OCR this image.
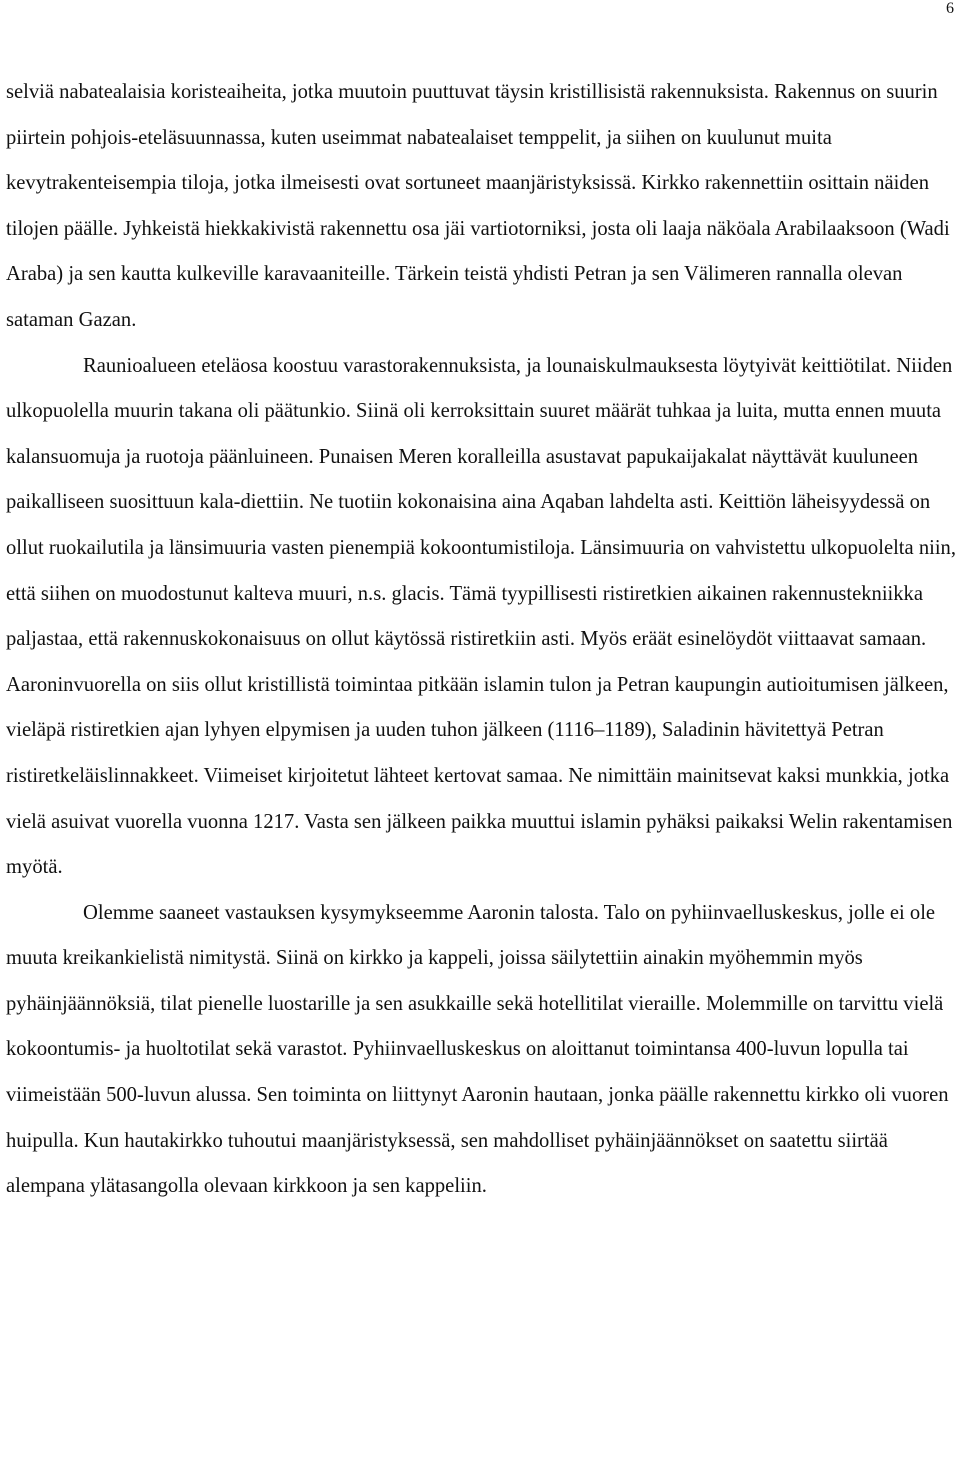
6

selviä nabatealaisia koristeaiheita, jotka muutoin puuttuvat täysin kristillisistä rakennuksista. Rakennus on suurin piirtein pohjois-eteläsuunnassa, kuten useimmat nabatealaiset temppelit, ja siihen on kuulunut muita kevytrakenteisempia tiloja, jotka ilmeisesti ovat sortuneet maanjäristyksissä. Kirkko rakennettiin osittain näiden tilojen päälle. Jyhkeistä hiekkakivistä rakennettu osa jäi vartiotorniksi, josta oli laaja näköala Arabilaaksoon (Wadi Araba) ja sen kautta kulkeville karavaaniteille. Tärkein teistä yhdisti Petran ja sen Välimeren rannalla olevan sataman Gazan.

Raunioalueen eteläosa koostuu varastorakennuksista, ja lounaiskulmauksesta löytyivät keittiötilat. Niiden ulkopuolella muurin takana oli päätunkio. Siinä oli kerroksittain suuret määrät tuhkaa ja luita, mutta ennen muuta kalansuomuja ja ruotoja päänluineen. Punaisen Meren koralleilla asustavat papukaijakalat näyttävät kuuluneen paikalliseen suosittuun kala-diettiin. Ne tuotiin kokonaisina aina Aqaban lahdelta asti. Keittiön läheisyydessä on ollut ruokailutila ja länsimuuria vasten pienempiä kokoontumistiloja. Länsimuuria on vahvistettu ulkopuolelta niin, että siihen on muodostunut kalteva muuri, n.s. glacis. Tämä tyypillisesti ristiretkien aikainen rakennustekniikka paljastaa, että rakennuskokonaisuus on ollut käytössä ristiretkiin asti. Myös eräät esinelöydöt viittaavat samaan. Aaroninvuorella on siis ollut kristillistä toimintaa pitkään islamin tulon ja Petran kaupungin autioitumisen jälkeen, vieläpä ristiretkien ajan lyhyen elpymisen ja uuden tuhon jälkeen (1116–1189), Saladinin hävitettyä Petran ristiretkeläislinnakkeet. Viimeiset kirjoitetut lähteet kertovat samaa. Ne nimittäin mainitsevat kaksi munkkia, jotka vielä asuivat vuorella vuonna 1217. Vasta sen jälkeen paikka muuttui islamin pyhäksi paikaksi Welin rakentamisen myötä.

Olemme saaneet vastauksen kysymykseemme Aaronin talosta. Talo on pyhiinvaelluskeskus, jolle ei ole muuta kreikankielistä nimitystä. Siinä on kirkko ja kappeli, joissa säilytettiin ainakin myöhemmin myös pyhäinjäännöksiä, tilat pienelle luostarille ja sen asukkaille sekä hotellitilat vieraille. Molemmille on tarvittu vielä kokoontumis- ja huoltotilat sekä varastot. Pyhiinvaelluskeskus on aloittanut toimintansa 400-luvun lopulla tai viimeistään 500-luvun alussa. Sen toiminta on liittynyt Aaronin hautaan, jonka päälle rakennettu kirkko oli vuoren huipulla. Kun hautakirkko tuhoutui maanjäristyksessä, sen mahdolliset pyhäinjäännökset on saatettu siirtää alempana ylätasangolla olevaan kirkkoon ja sen kappeliin.
